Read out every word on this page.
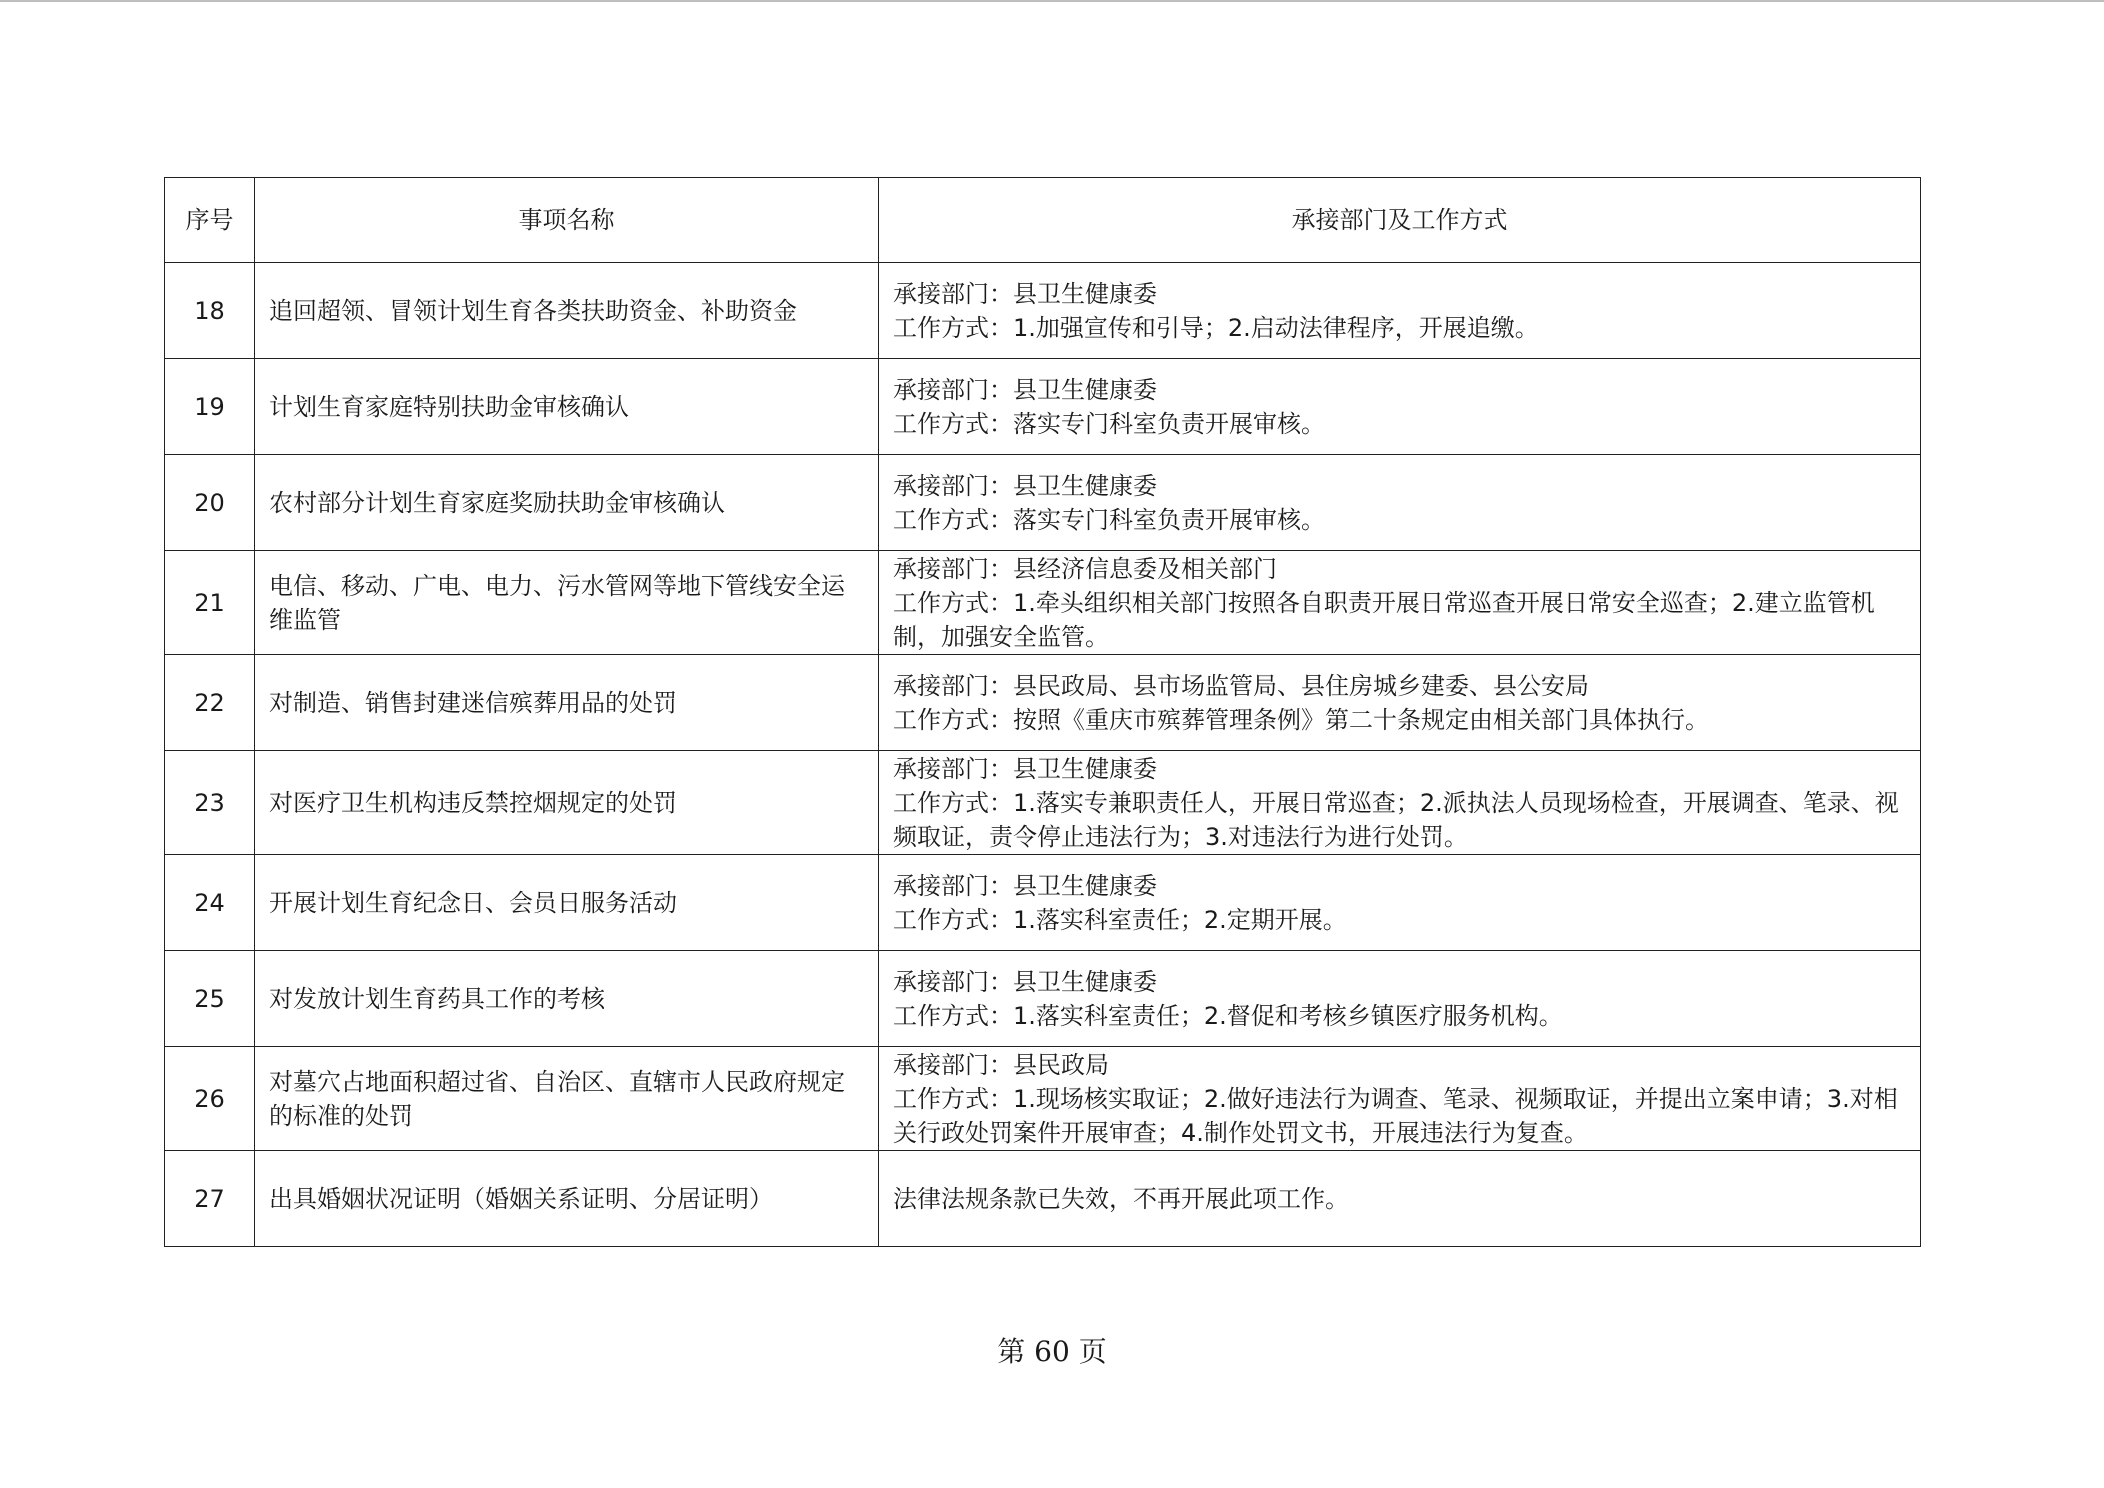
序号	事项名称	承接部门及工作方式
18	追回超领、冒领计划生育各类扶助资金、补助资金	承接部门：县卫生健康委
工作方式：1.加强宣传和引导；2.启动法律程序，开展追缴。

19	计划生育家庭特别扶助金审核确认	承接部门：县卫生健康委
工作方式：落实专门科室负责开展审核。

20	农村部分计划生育家庭奖励扶助金审核确认	承接部门：县卫生健康委
工作方式：落实专门科室负责开展审核。

21	电信、移动、广电、电力、污水管网等地下管线安全运维监管	承接部门：县经济信息委及相关部门
工作方式：1.牵头组织相关部门按照各自职责开展日常巡查开展日常安全巡查；2.建立监管机制，加强安全监管。

22	对制造、销售封建迷信殡葬用品的处罚	承接部门：县民政局、县市场监管局、县住房城乡建委、县公安局
工作方式：按照《重庆市殡葬管理条例》第二十条规定由相关部门具体执行。

23	对医疗卫生机构违反禁控烟规定的处罚	承接部门：县卫生健康委
工作方式：1.落实专兼职责任人，开展日常巡查；2.派执法人员现场检查，开展调查、笔录、视频取证，责令停止违法行为；3.对违法行为进行处罚。

24	开展计划生育纪念日、会员日服务活动	承接部门：县卫生健康委
工作方式：1.落实科室责任；2.定期开展。

25	对发放计划生育药具工作的考核	承接部门：县卫生健康委
工作方式：1.落实科室责任；2.督促和考核乡镇医疗服务机构。

26	对墓穴占地面积超过省、自治区、直辖市人民政府规定的标准的处罚	承接部门：县民政局
工作方式：1.现场核实取证；2.做好违法行为调查、笔录、视频取证，并提出立案申请；3.对相关行政处罚案件开展审查；4.制作处罚文书，开展违法行为复查。

27	出具婚姻状况证明（婚姻关系证明、分居证明）	法律法规条款已失效，不再开展此项工作。
第 60 页
